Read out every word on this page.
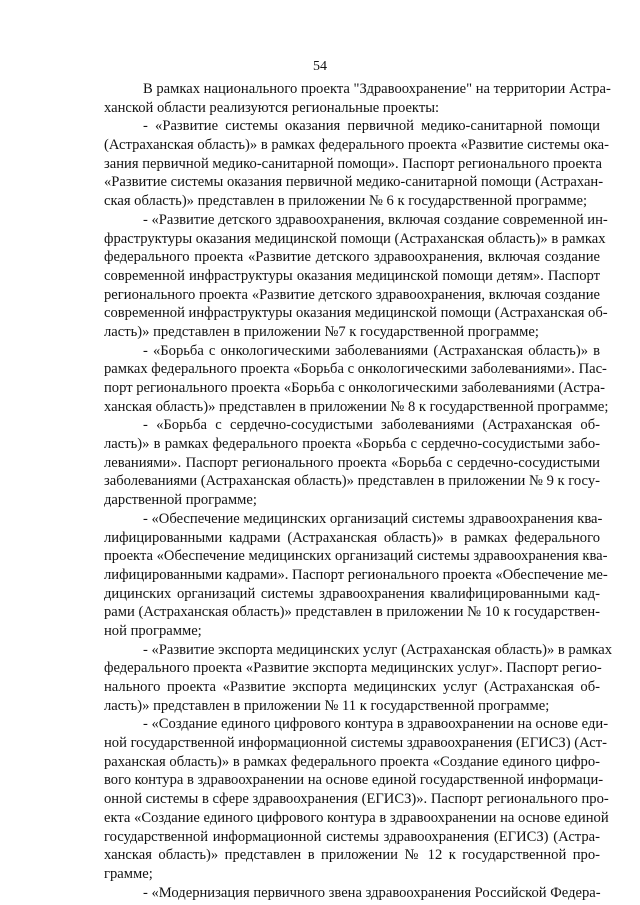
54
В рамках национального проекта "Здравоохранение" на территории Астра-
ханской области реализуются региональные проекты:
- «Развитие системы оказания первичной медико-санитарной помощи
(Астраханская область)» в рамках федерального проекта «Развитие системы ока-
зания первичной медико-санитарной помощи». Паспорт регионального проекта
«Развитие системы оказания первичной медико-санитарной помощи (Астрахан-
ская область)» представлен в приложении № 6 к государственной программе;
- «Развитие детского здравоохранения, включая создание современной ин-
фраструктуры оказания медицинской помощи (Астраханская область)» в рамках
федерального проекта «Развитие детского здравоохранения, включая создание
современной инфраструктуры оказания медицинской помощи детям». Паспорт
регионального проекта «Развитие детского здравоохранения, включая создание
современной инфраструктуры оказания медицинской помощи (Астраханская об-
ласть)» представлен в приложении №7 к государственной программе;
- «Борьба с онкологическими заболеваниями (Астраханская область)» в
рамках федерального проекта «Борьба с онкологическими заболеваниями». Пас-
порт регионального проекта «Борьба с онкологическими заболеваниями (Астра-
ханская область)» представлен в приложении № 8 к государственной программе;
- «Борьба с сердечно-сосудистыми заболеваниями (Астраханская об-
ласть)» в рамках федерального проекта «Борьба с сердечно-сосудистыми забо-
леваниями». Паспорт регионального проекта «Борьба с сердечно-сосудистыми
заболеваниями (Астраханская область)» представлен в приложении № 9 к госу-
дарственной программе;
- «Обеспечение медицинских организаций системы здравоохранения ква-
лифицированными кадрами (Астраханская область)» в рамках федерального
проекта «Обеспечение медицинских организаций системы здравоохранения ква-
лифицированными кадрами». Паспорт регионального проекта «Обеспечение ме-
дицинских организаций системы здравоохранения квалифицированными кад-
рами (Астраханская область)» представлен в приложении № 10 к государствен-
ной программе;
- «Развитие экспорта медицинских услуг (Астраханская область)» в рамках
федерального проекта «Развитие экспорта медицинских услуг». Паспорт регио-
нального проекта «Развитие экспорта медицинских услуг (Астраханская об-
ласть)» представлен в приложении № 11 к государственной программе;
- «Создание единого цифрового контура в здравоохранении на основе еди-
ной государственной информационной системы здравоохранения (ЕГИСЗ) (Аст-
раханская область)» в рамках федерального проекта «Создание единого цифро-
вого контура в здравоохранении на основе единой государственной информаци-
онной системы в сфере здравоохранения (ЕГИСЗ)». Паспорт регионального про-
екта «Создание единого цифрового контура в здравоохранении на основе единой
государственной информационной системы здравоохранения (ЕГИСЗ) (Астра-
ханская область)» представлен в приложении № 12 к государственной про-
грамме;
- «Модернизация первичного звена здравоохранения Российской Федера-
